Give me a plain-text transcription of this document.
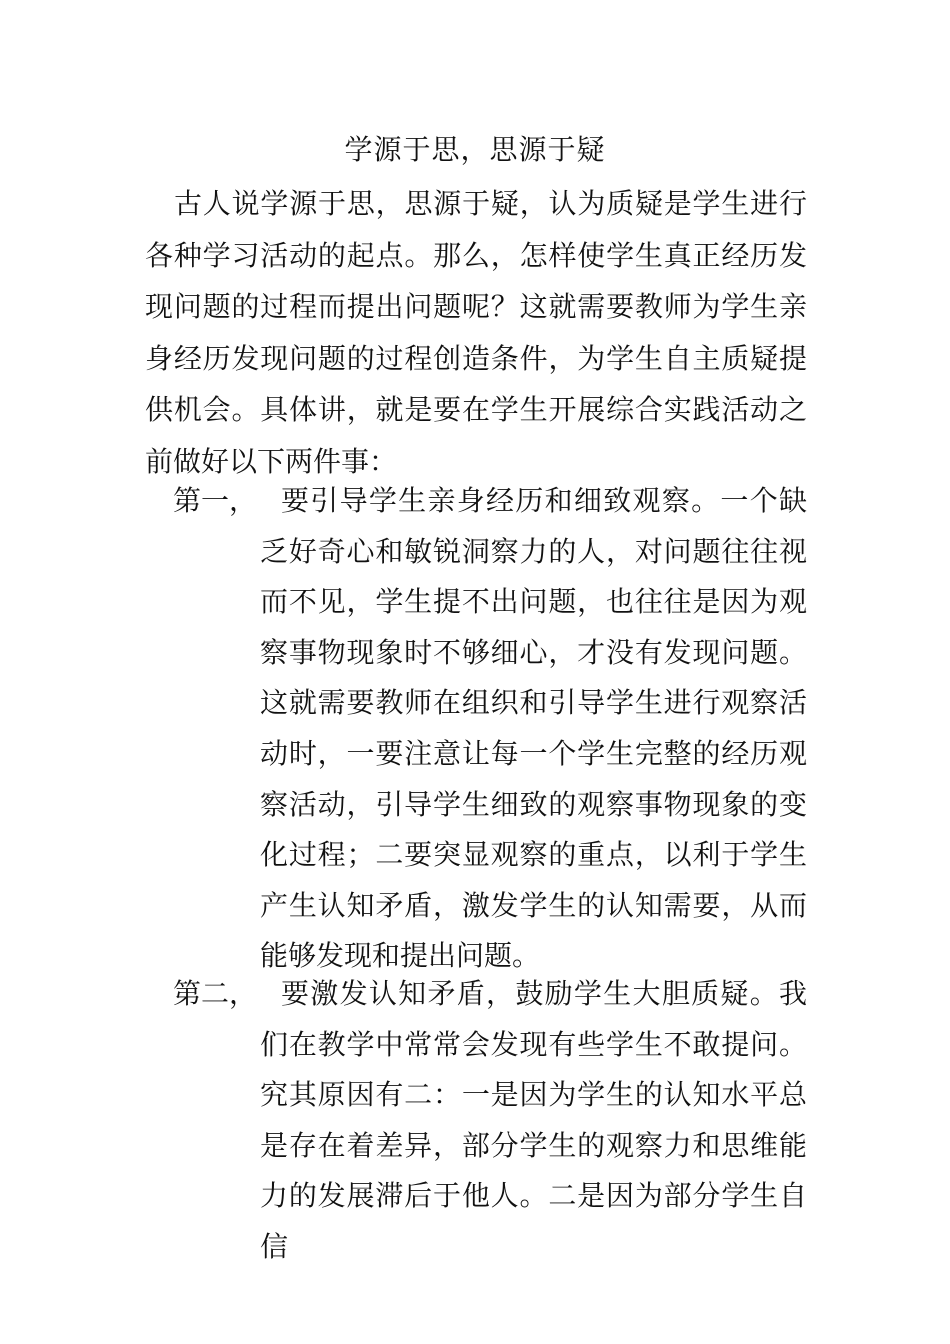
学源于思，思源于疑

古人说学源于思，思源于疑，认为质疑是学生进行各种学习活动的起点。那么，怎样使学生真正经历发现问题的过程而提出问题呢？这就需要教师为学生亲身经历发现问题的过程创造条件，为学生自主质疑提供机会。具体讲，就是要在学生开展综合实践活动之前做好以下两件事：

第一， 要引导学生亲身经历和细致观察。一个缺乏好奇心和敏锐洞察力的人，对问题往往视而不见，学生提不出问题，也往往是因为观察事物现象时不够细心，才没有发现问题。这就需要教师在组织和引导学生进行观察活动时，一要注意让每一个学生完整的经历观察活动，引导学生细致的观察事物现象的变化过程；二要突显观察的重点，以利于学生产生认知矛盾，激发学生的认知需要，从而能够发现和提出问题。

第二， 要激发认知矛盾，鼓励学生大胆质疑。我们在教学中常常会发现有些学生不敢提问。究其原因有二：一是因为学生的认知水平总是存在着差异，部分学生的观察力和思维能力的发展滞后于他人。二是因为部分学生自信
